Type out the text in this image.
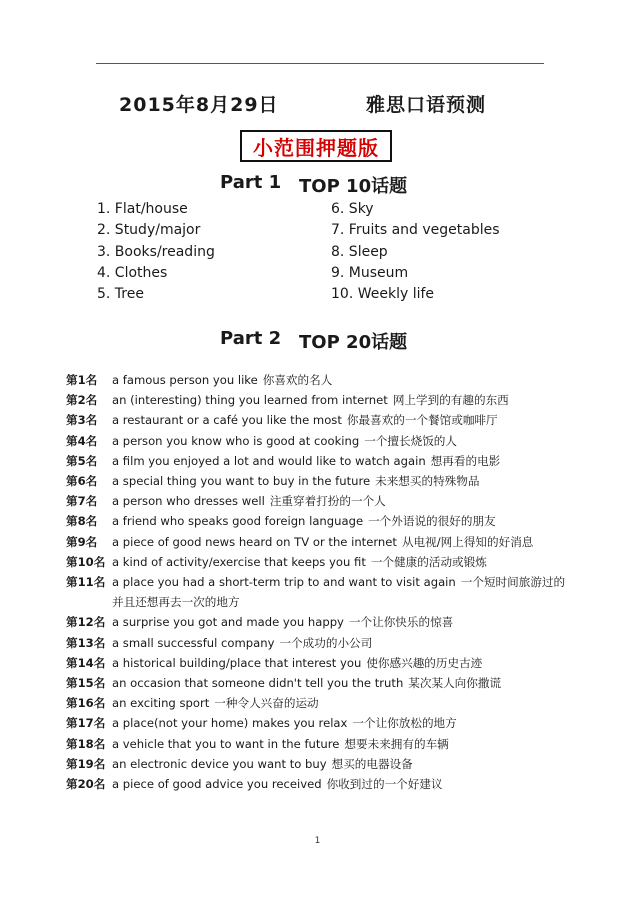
2015年8月29日	雅思口语预测
小范围押题版
Part 1 TOP 10话题
1. Flat/house
2. Study/major
3. Books/reading
4. Clothes
5. Tree
6. Sky
7. Fruits and vegetables
8. Sleep
9. Museum
10. Weekly life
Part 2 TOP 20话题
第1名	a famous person you like 你喜欢的名人
第2名	an (interesting) thing you learned from internet 网上学到的有趣的东西
第3名	a restaurant or a café you like the most 你最喜欢的一个餐馆或咖啡厅
第4名	a person you know who is good at cooking 一个擅长烧饭的人
第5名	a film you enjoyed a lot and would like to watch again 想再看的电影
第6名	a special thing you want to buy in the future 未来想买的特殊物品
第7名	a person who dresses well 注重穿着打扮的一个人
第8名	a friend who speaks good foreign language 一个外语说的很好的朋友
第9名	a piece of good news heard on TV or the internet 从电视/网上得知的好消息
第10名 a kind of activity/exercise that keeps you fit 一个健康的活动或锻炼
第11名 a place you had a short-term trip to and want to visit again 一个短时间旅游过的并且还想再去一次的地方
第12名 a surprise you got and made you happy 一个让你快乐的惊喜
第13名 a small successful company 一个成功的小公司
第14名 a historical building/place that interest you 使你感兴趣的历史古迹
第15名 an occasion that someone didn't tell you the truth 某次某人向你撒谎
第16名 an exciting sport 一种令人兴奋的运动
第17名 a place(not your home) makes you relax 一个让你放松的地方
第18名 a vehicle that you to want in the future 想要未来拥有的车辆
第19名 an electronic device you want to buy 想买的电器设备
第20名 a piece of good advice you received 你收到过的一个好建议
1
